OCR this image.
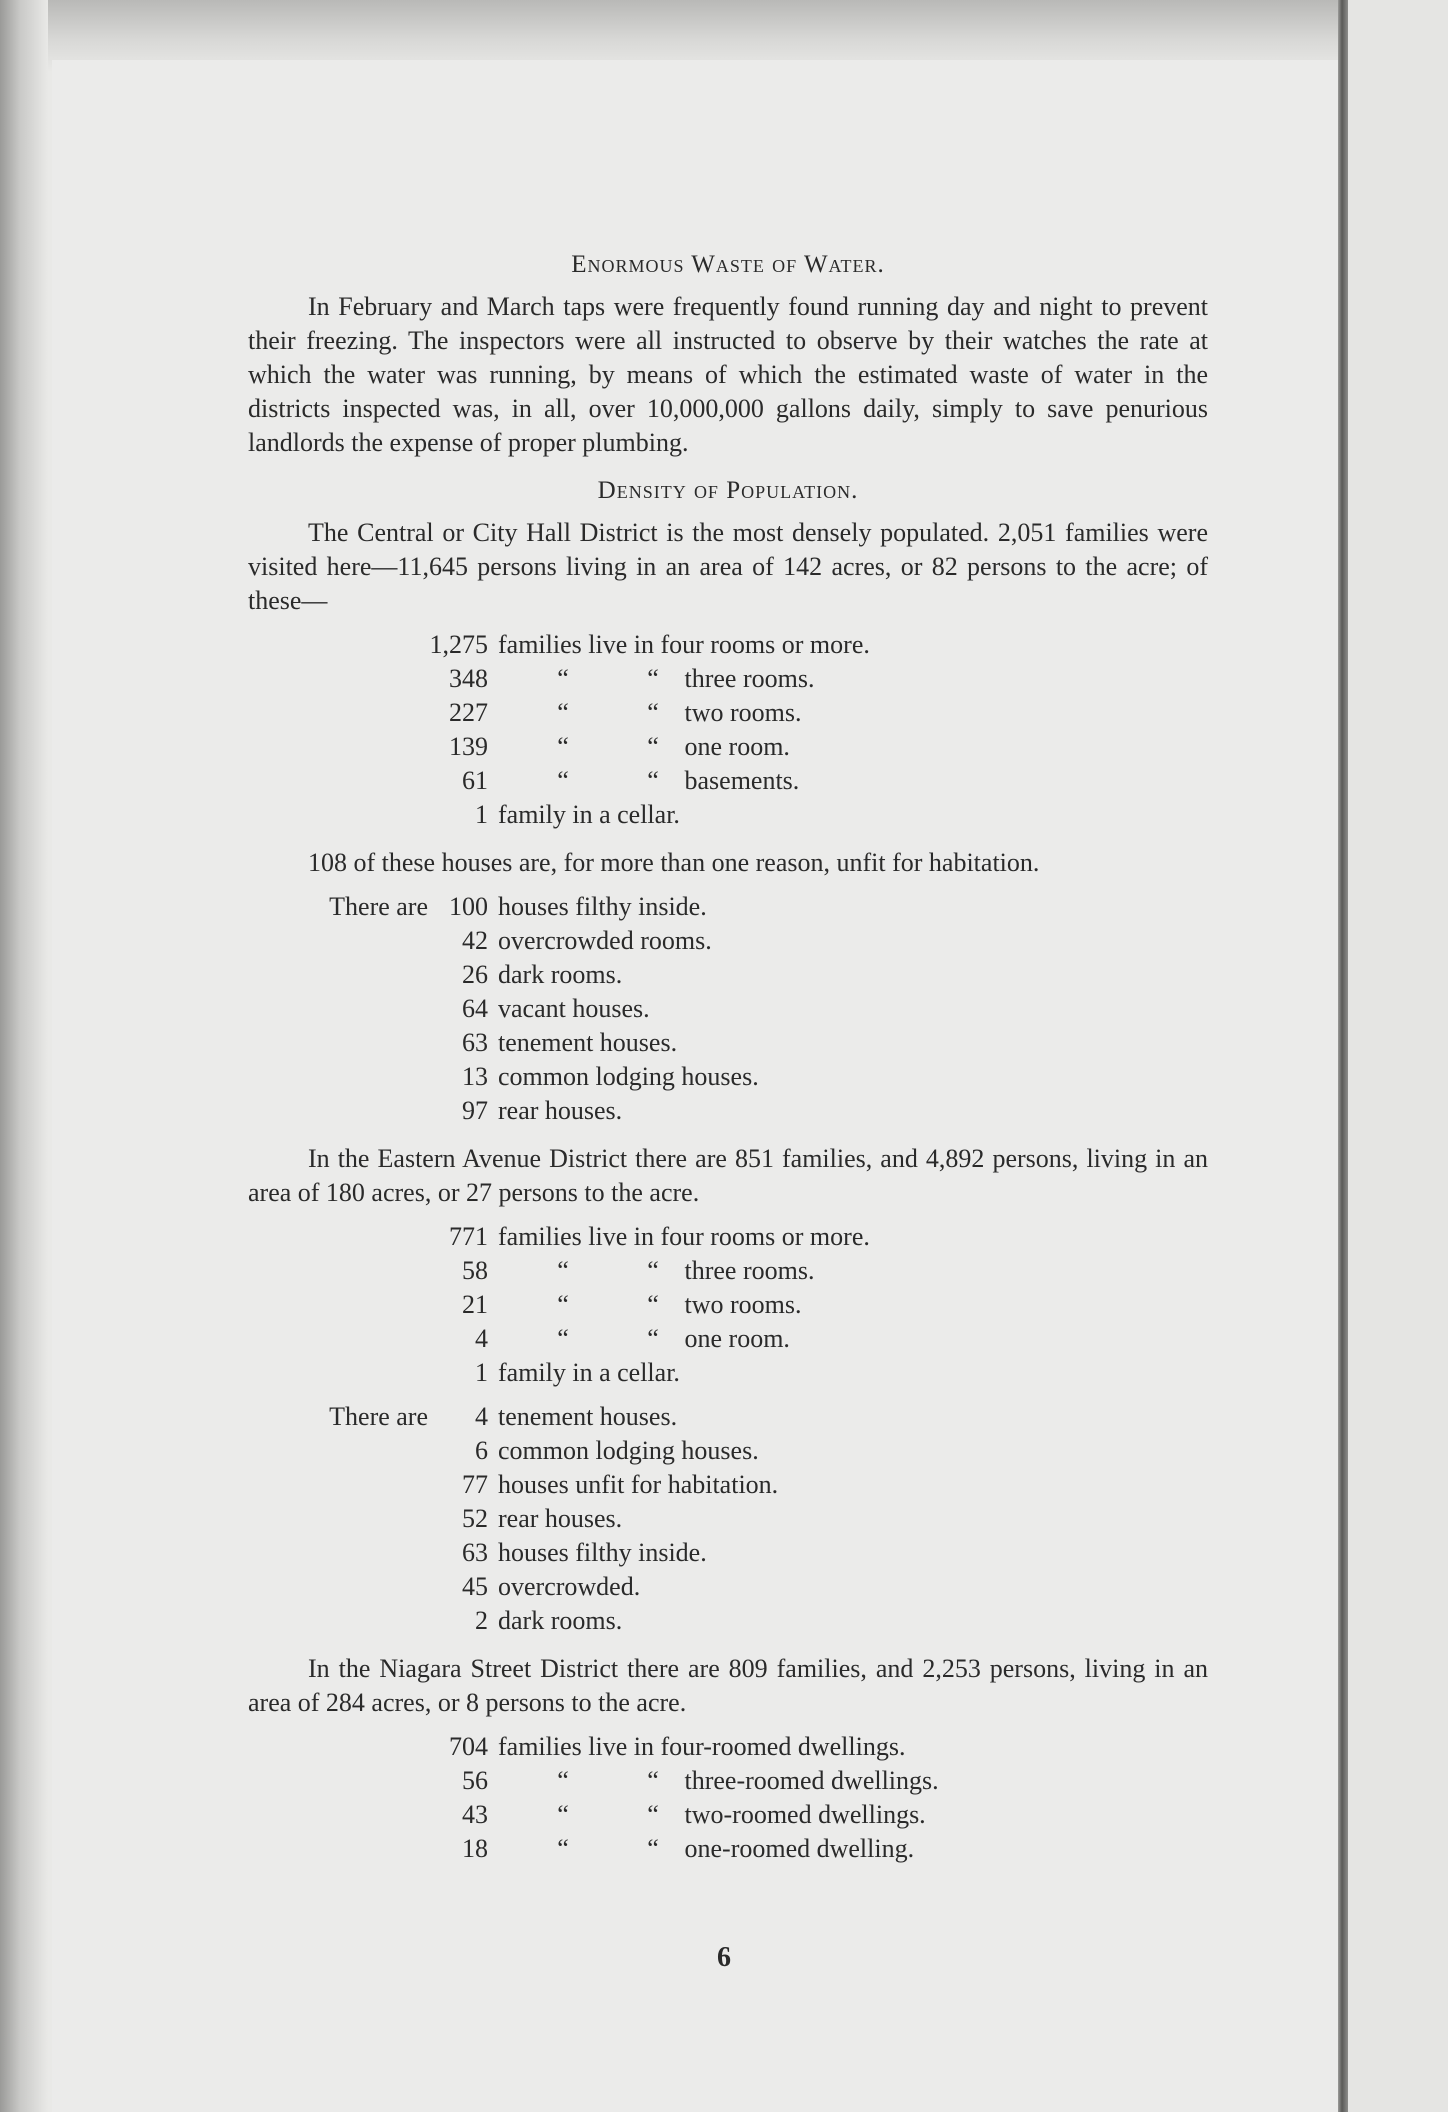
Enormous Waste of Water.

In February and March taps were frequently found running day and night to prevent their freezing. The inspectors were all instructed to observe by their watches the rate at which the water was running, by means of which the estimated waste of water in the districts inspected was, in all, over 10,000,000 gallons daily, simply to save penurious landlords the expense of proper plumbing.

Density of Population.

The Central or City Hall District is the most densely populated. 2,051 families were visited here—11,645 persons living in an area of 142 acres, or 82 persons to the acre; of these—

1,275 families live in four rooms or more.
348	“	“ three rooms.
227	“	“ two rooms.
139	“	“ one room.
61	“	“ basements.
1 family in a cellar.

108 of these houses are, for more than one reason, unfit for habitation.

There are 100 houses filthy inside.
42 overcrowded rooms.
26 dark rooms.
64 vacant houses.
63 tenement houses.
13 common lodging houses.
97 rear houses.

In the Eastern Avenue District there are 851 families, and 4,892 persons, living in an area of 180 acres, or 27 persons to the acre.

771 families live in four rooms or more.
58	“	“ three rooms.
21	“	“ two rooms.
4	“	“ one room.
1 family in a cellar.
There are	4 tenement houses.
6 common lodging houses.
77 houses unfit for habitation.
52 rear houses.
63 houses filthy inside.
45 overcrowded.
2 dark rooms.

In the Niagara Street District there are 809 families, and 2,253 persons, living in an area of 284 acres, or 8 persons to the acre.

704 families live in four-roomed dwellings.
56	“	“ three-roomed dwellings.
43	“	“ two-roomed dwellings.
18	“	“ one-roomed dwelling.
6
